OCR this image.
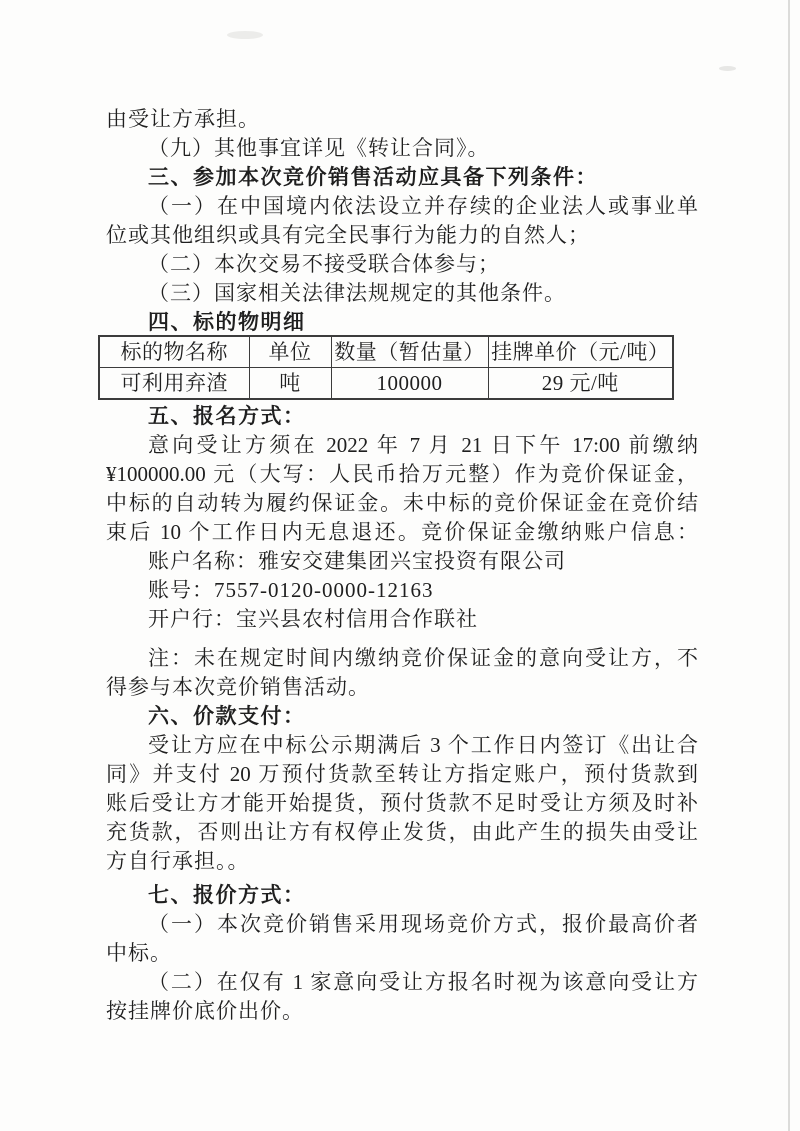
由受让方承担。
（九）其他事宜详见《转让合同》。
三、参加本次竞价销售活动应具备下列条件：
（一）在中国境内依法设立并存续的企业法人或事业单
位或其他组织或具有完全民事行为能力的自然人；
（二）本次交易不接受联合体参与；
（三）国家相关法律法规规定的其他条件。
四、标的物明细
标的物名称	单位	数量（暂估量）	挂牌单价（元/吨）
可利用弃渣	吨	100000	29 元/吨
五、报名方式：
意向受让方须在 2022 年 7 月 21 日下午 17:00 前缴纳
¥100000.00 元（大写：人民币拾万元整）作为竞价保证金，
中标的自动转为履约保证金。未中标的竞价保证金在竞价结
束后 10 个工作日内无息退还。竞价保证金缴纳账户信息：
账户名称：雅安交建集团兴宝投资有限公司
账号：7557-0120-0000-12163
开户行：宝兴县农村信用合作联社
注：未在规定时间内缴纳竞价保证金的意向受让方，不
得参与本次竞价销售活动。
六、价款支付：
受让方应在中标公示期满后 3 个工作日内签订《出让合
同》并支付 20 万预付货款至转让方指定账户，预付货款到
账后受让方才能开始提货，预付货款不足时受让方须及时补
充货款，否则出让方有权停止发货，由此产生的损失由受让
方自行承担。。
七、报价方式：
（一）本次竞价销售采用现场竞价方式，报价最高价者
中标。
（二）在仅有 1 家意向受让方报名时视为该意向受让方
按挂牌价底价出价。
